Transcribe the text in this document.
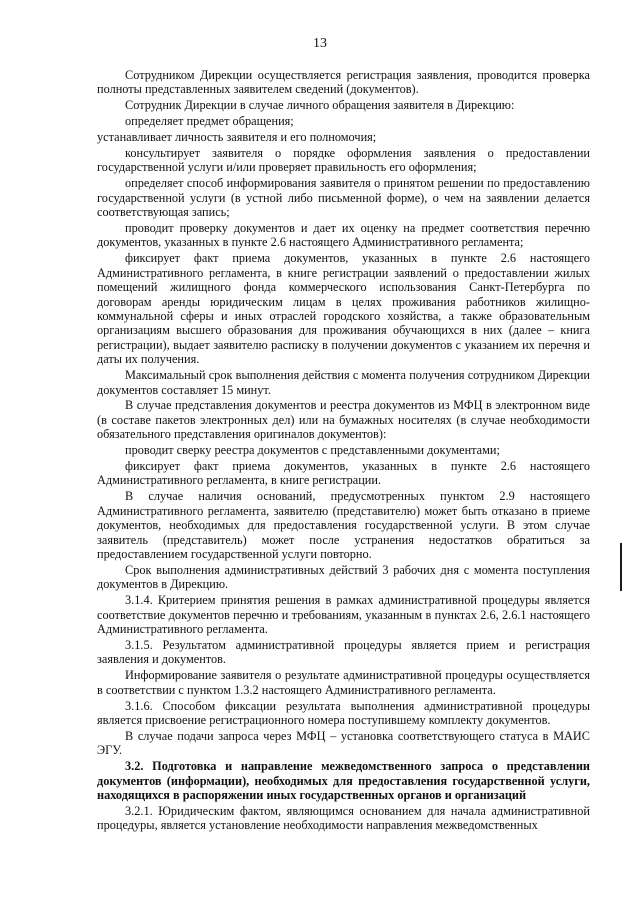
13

Сотрудником Дирекции осуществляется регистрация заявления, проводится проверка полноты представленных заявителем сведений (документов).

Сотрудник Дирекции в случае личного обращения заявителя в Дирекцию:

определяет предмет обращения;

устанавливает личность заявителя и его полномочия;

консультирует заявителя о порядке оформления заявления о предоставлении государственной услуги и/или проверяет правильность его оформления;

определяет способ информирования заявителя о принятом решении по предоставлению государственной услуги (в устной либо письменной форме), о чем на заявлении делается соответствующая запись;

проводит проверку документов и дает их оценку на предмет соответствия перечню документов, указанных в пункте 2.6 настоящего Административного регламента;

фиксирует факт приема документов, указанных в пункте 2.6 настоящего Административного регламента, в книге регистрации заявлений о предоставлении жилых помещений жилищного фонда коммерческого использования Санкт-Петербурга по договорам аренды юридическим лицам в целях проживания работников жилищно-коммунальной сферы и иных отраслей городского хозяйства, а также образовательным организациям высшего образования для проживания обучающихся в них (далее – книга регистрации), выдает заявителю расписку в получении документов с указанием их перечня и даты их получения.

Максимальный срок выполнения действия с момента получения сотрудником Дирекции документов составляет 15 минут.

В случае представления документов и реестра документов из МФЦ в электронном виде (в составе пакетов электронных дел) или на бумажных носителях (в случае необходимости обязательного представления оригиналов документов):

проводит сверку реестра документов с представленными документами;

фиксирует факт приема документов, указанных в пункте 2.6 настоящего Административного регламента, в книге регистрации.

В случае наличия оснований, предусмотренных пунктом 2.9 настоящего Административного регламента, заявителю (представителю) может быть отказано в приеме документов, необходимых для предоставления государственной услуги. В этом случае заявитель (представитель) может после устранения недостатков обратиться за предоставлением государственной услуги повторно.

Срок выполнения административных действий 3 рабочих дня с момента поступления документов в Дирекцию.

3.1.4. Критерием принятия решения в рамках административной процедуры является соответствие документов перечню и требованиям, указанным в пунктах 2.6, 2.6.1 настоящего Административного регламента.

3.1.5. Результатом административной процедуры является прием и регистрация заявления и документов.

Информирование заявителя о результате административной процедуры осуществляется в соответствии с пунктом 1.3.2 настоящего Административного регламента.

3.1.6. Способом фиксации результата выполнения административной процедуры является присвоение регистрационного номера поступившему комплекту документов.

В случае подачи запроса через МФЦ – установка соответствующего статуса в МАИС ЭГУ.

3.2. Подготовка и направление межведомственного запроса о представлении документов (информации), необходимых для предоставления государственной услуги, находящихся в распоряжении иных государственных органов и организаций

3.2.1. Юридическим фактом, являющимся основанием для начала административной процедуры, является установление необходимости направления межведомственных
